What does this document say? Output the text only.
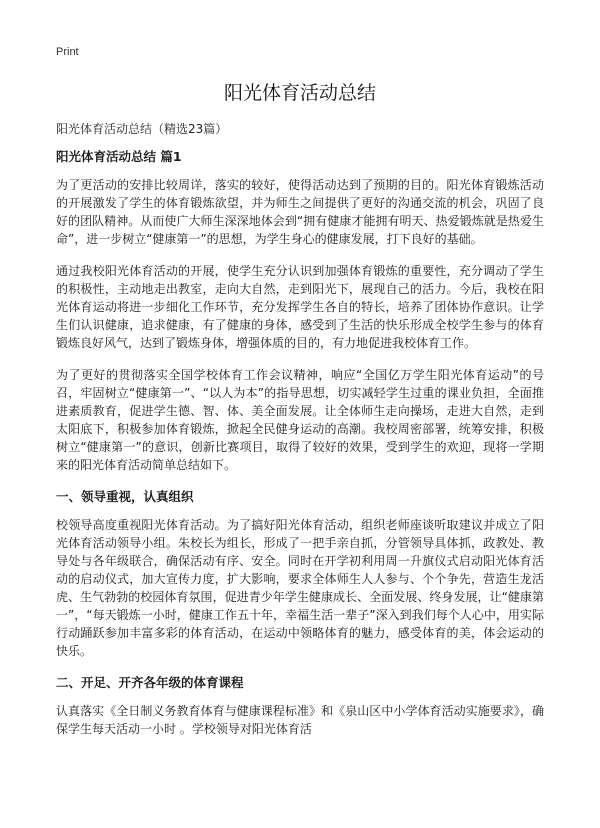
Print
阳光体育活动总结
阳光体育活动总结（精选23篇）
阳光体育活动总结 篇1

为了更活动的安排比较周详，落实的较好，使得活动达到了预期的目的。阳光体育锻炼活动的开展激发了学生的体育锻炼欲望，并为师生之间提供了更好的沟通交流的机会，巩固了良好的团队精神。从而使广大师生深深地体会到“拥有健康才能拥有明天、热爱锻炼就是热爱生命”，进一步树立“健康第一”的思想，为学生身心的健康发展，打下良好的基础。

通过我校阳光体育活动的开展，使学生充分认识到加强体育锻炼的重要性，充分调动了学生的积极性，主动地走出教室，走向大自然，走到阳光下，展现自己的活力。今后，我校在阳光体育运动将进一步细化工作环节，充分发挥学生各自的特长，培养了团体协作意识。让学生们认识健康，追求健康，有了健康的身体，感受到了生活的快乐形成全校学生参与的体育锻炼良好风气，达到了锻炼身体，增强体质的目的，有力地促进我校体育工作。

为了更好的贯彻落实全国学校体育工作会议精神，响应“全国亿万学生阳光体育运动”的号召，牢固树立“健康第一”、“以人为本”的指导思想，切实减轻学生过重的课业负担，全面推进素质教育，促进学生德、智、体、美全面发展。让全体师生走向操场，走进大自然，走到太阳底下，积极参加体育锻炼，掀起全民健身运动的高潮。我校周密部署，统筹安排，积极树立“健康第一”的意识，创新比赛项目，取得了较好的效果，受到学生的欢迎，现将一学期来的阳光体育活动简单总结如下。

一、领导重视，认真组织

校领导高度重视阳光体育活动。为了搞好阳光体育活动，组织老师座谈听取建议并成立了阳光体育活动领导小组。朱校长为组长，形成了一把手亲自抓，分管领导具体抓，政教处、教导处与各年级联合，确保活动有序、安全。同时在开学初利用周一升旗仪式启动阳光体育活动的启动仪式，加大宣传力度，扩大影响，要求全体师生人人参与、个个争先，营造生龙活虎、生气勃勃的校园体育氛围，促进青少年学生健康成长、全面发展、终身发展，让“健康第一”，“每天锻炼一小时，健康工作五十年，幸福生活一辈子”深入到我们每个人心中，用实际行动踊跃参加丰富多彩的体育活动，在运动中领略体育的魅力，感受体育的美，体会运动的快乐。

二、开足、开齐各年级的体育课程

认真落实《全日制义务教育体育与健康课程标准》和《泉山区中小学体育活动实施要求》，确保学生每天活动一小时 。学校领导对阳光体育活
